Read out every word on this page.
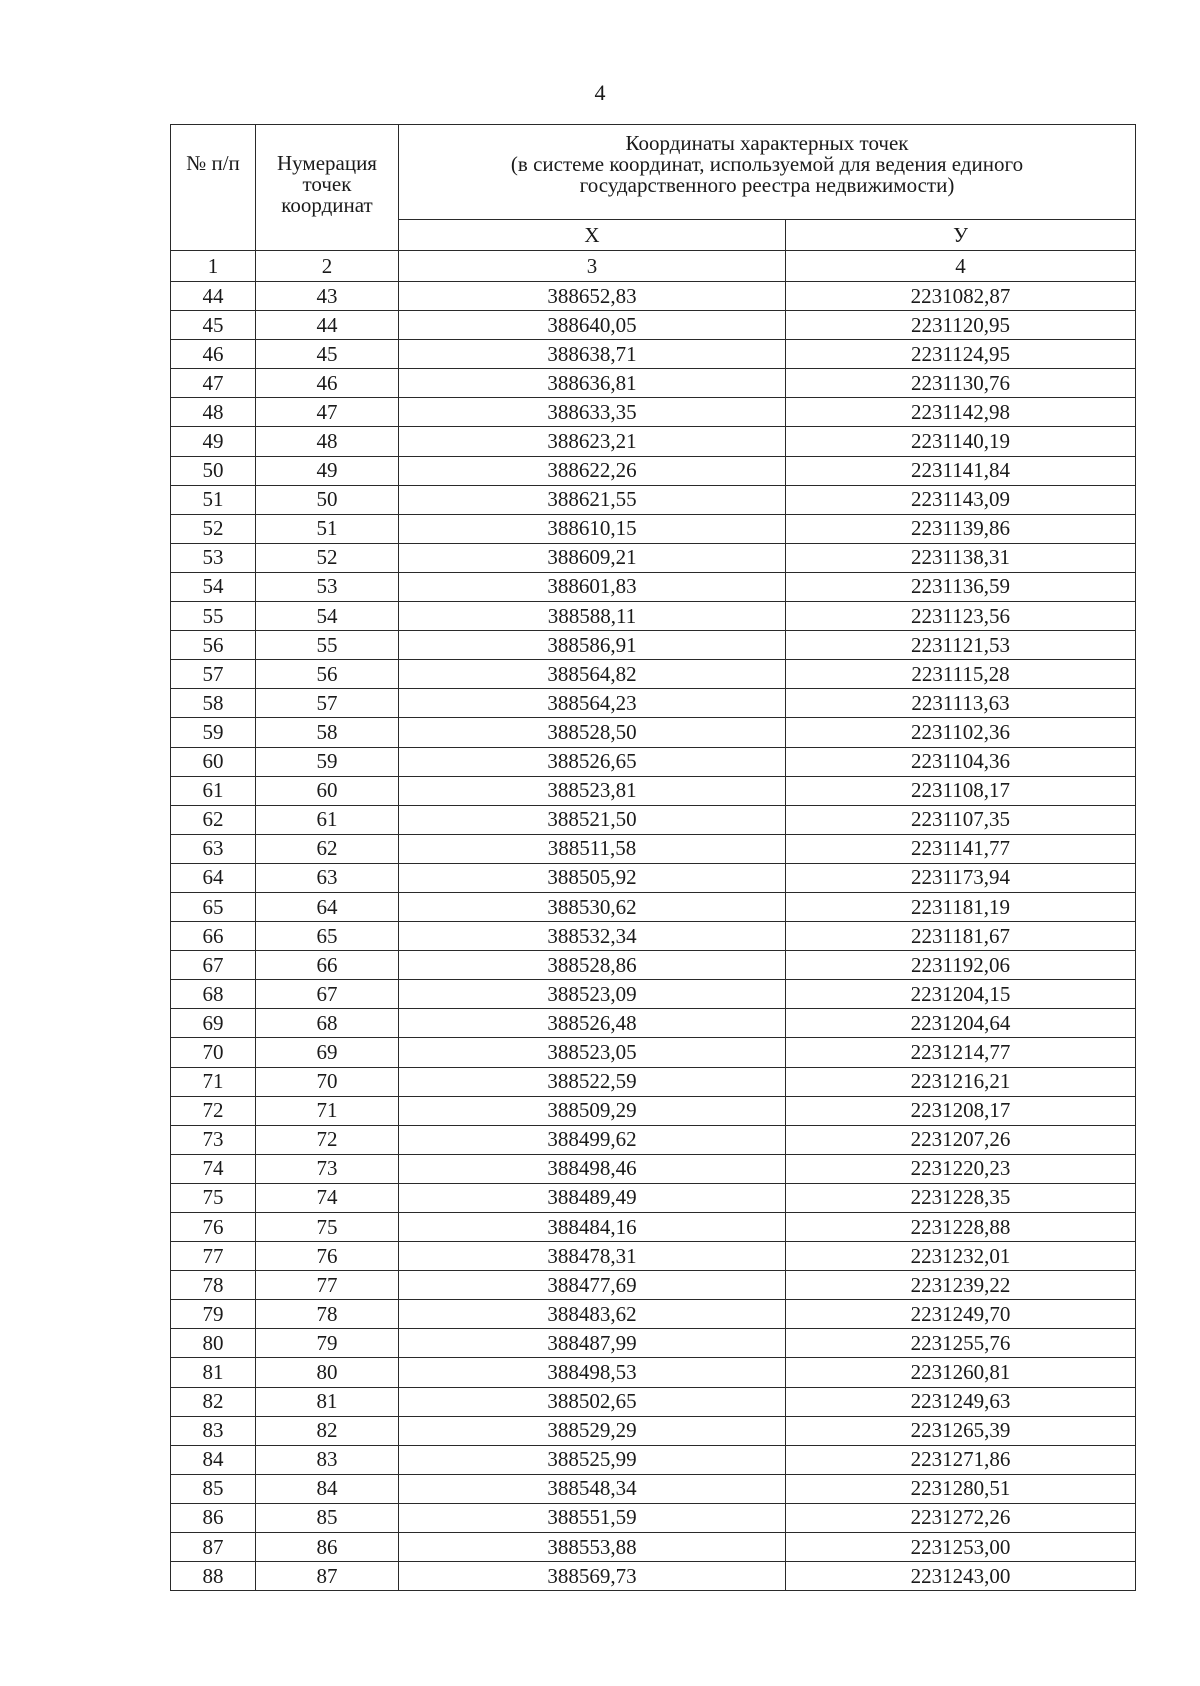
4
№ п/п	Нумерация точек координат	Координаты характерных точек
(в системе координат, используемой для ведения единого
государственного реестра недвижимости)	

		Х	У
1	2	3	4
44	43	388652,83	2231082,87
45	44	388640,05	2231120,95
46	45	388638,71	2231124,95
47	46	388636,81	2231130,76
48	47	388633,35	2231142,98
49	48	388623,21	2231140,19
50	49	388622,26	2231141,84
51	50	388621,55	2231143,09
52	51	388610,15	2231139,86
53	52	388609,21	2231138,31
54	53	388601,83	2231136,59
55	54	388588,11	2231123,56
56	55	388586,91	2231121,53
57	56	388564,82	2231115,28
58	57	388564,23	2231113,63
59	58	388528,50	2231102,36
60	59	388526,65	2231104,36
61	60	388523,81	2231108,17
62	61	388521,50	2231107,35
63	62	388511,58	2231141,77
64	63	388505,92	2231173,94
65	64	388530,62	2231181,19
66	65	388532,34	2231181,67
67	66	388528,86	2231192,06
68	67	388523,09	2231204,15
69	68	388526,48	2231204,64
70	69	388523,05	2231214,77
71	70	388522,59	2231216,21
72	71	388509,29	2231208,17
73	72	388499,62	2231207,26
74	73	388498,46	2231220,23
75	74	388489,49	2231228,35
76	75	388484,16	2231228,88
77	76	388478,31	2231232,01
78	77	388477,69	2231239,22
79	78	388483,62	2231249,70
80	79	388487,99	2231255,76
81	80	388498,53	2231260,81
82	81	388502,65	2231249,63
83	82	388529,29	2231265,39
84	83	388525,99	2231271,86
85	84	388548,34	2231280,51
86	85	388551,59	2231272,26
87	86	388553,88	2231253,00
88	87	388569,73	2231243,00
